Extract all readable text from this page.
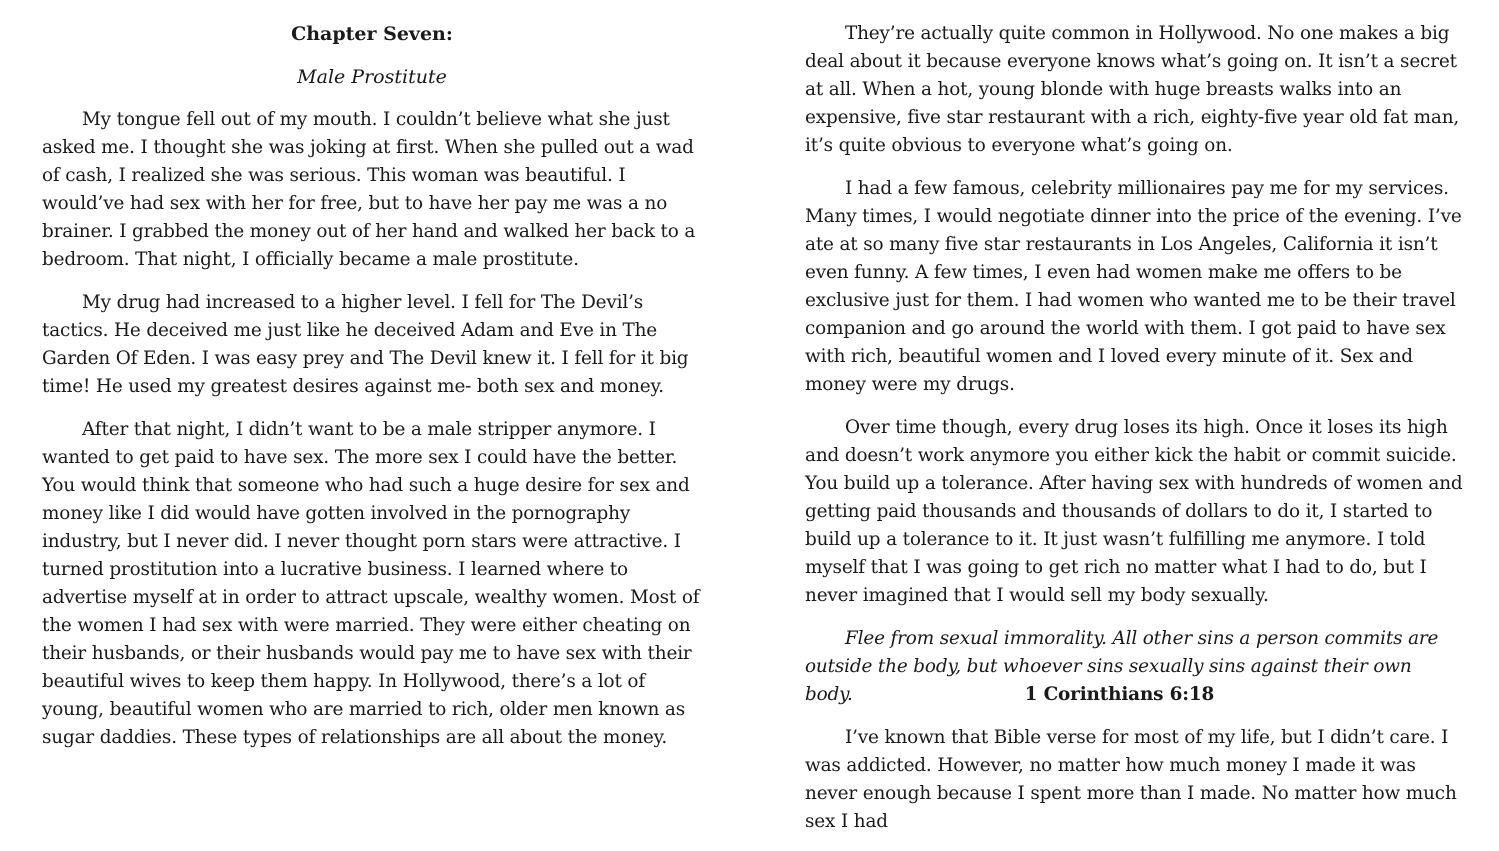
Chapter Seven:
Male Prostitute

My tongue fell out of my mouth. I couldn’t believe what she just asked me. I thought she was joking at first. When she pulled out a wad of cash, I realized she was serious. This woman was beautiful. I would’ve had sex with her for free, but to have her pay me was a no brainer. I grabbed the money out of her hand and walked her back to a bedroom. That night, I officially became a male prostitute.

My drug had increased to a higher level. I fell for The Devil’s tactics. He deceived me just like he deceived Adam and Eve in The Garden Of Eden. I was easy prey and The Devil knew it. I fell for it big time! He used my greatest desires against me- both sex and money.

After that night, I didn’t want to be a male stripper anymore. I wanted to get paid to have sex. The more sex I could have the better. You would think that someone who had such a huge desire for sex and money like I did would have gotten involved in the pornography industry, but I never did. I never thought porn stars were attractive. I turned prostitution into a lucrative business. I learned where to advertise myself at in order to attract upscale, wealthy women. Most of the women I had sex with were married. They were either cheating on their husbands, or their husbands would pay me to have sex with their beautiful wives to keep them happy. In Hollywood, there’s a lot of young, beautiful women who are married to rich, older men known as sugar daddies. These types of relationships are all about the money.

They’re actually quite common in Hollywood. No one makes a big deal about it because everyone knows what’s going on. It isn’t a secret at all. When a hot, young blonde with huge breasts walks into an expensive, five star restaurant with a rich, eighty-five year old fat man, it’s quite obvious to everyone what’s going on.

I had a few famous, celebrity millionaires pay me for my services. Many times, I would negotiate dinner into the price of the evening. I’ve ate at so many five star restaurants in Los Angeles, California it isn’t even funny. A few times, I even had women make me offers to be exclusive just for them. I had women who wanted me to be their travel companion and go around the world with them. I got paid to have sex with rich, beautiful women and I loved every minute of it. Sex and money were my drugs.

Over time though, every drug loses its high. Once it loses its high and doesn’t work anymore you either kick the habit or commit suicide. You build up a tolerance. After having sex with hundreds of women and getting paid thousands and thousands of dollars to do it, I started to build up a tolerance to it. It just wasn’t fulfilling me anymore. I told myself that I was going to get rich no matter what I had to do, but I never imagined that I would sell my body sexually.

Flee from sexual immorality. All other sins a person commits are outside the body, but whoever sins sexually sins against their own body.	1 Corinthians 6:18

I’ve known that Bible verse for most of my life, but I didn’t care. I was addicted. However, no matter how much money I made it was never enough because I spent more than I made. No matter how much sex I had
